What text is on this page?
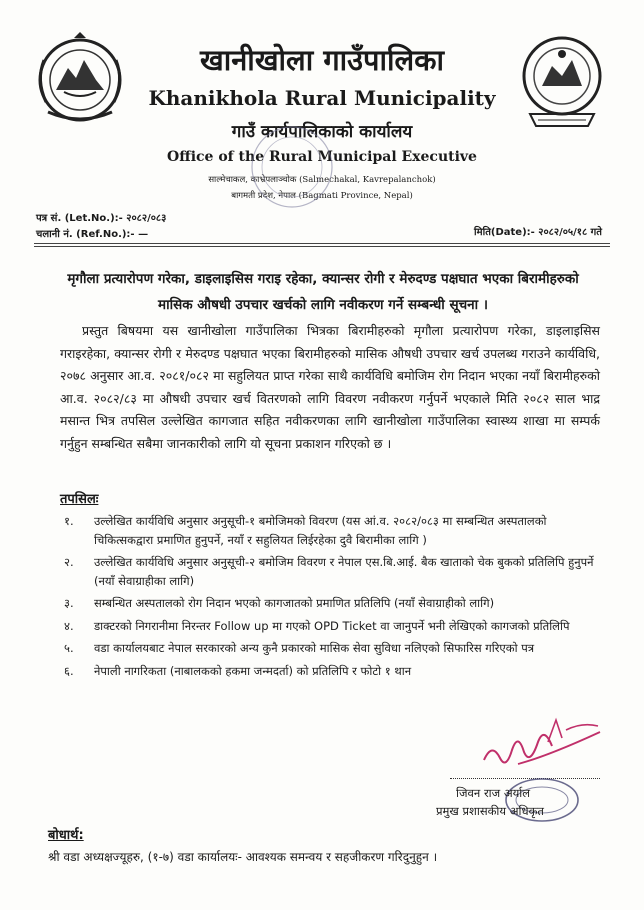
खानीखोला गाउँपालिका
Khanikhola Rural Municipality
गाउँ कार्यपालिकाको कार्यालय
Office of the Rural Municipal Executive
साल्मेचाकल, काभ्रेपलाञ्चोक (Salmechakal, Kavrepalanchok)
बागमती प्रदेश, नेपाल (Bagmati Province, Nepal)
पत्र सं. (Let.No.):- २०८२/०८३
चलानी नं. (Ref.No.):- —	मिति(Date):- २०८२/०५/१८ गते
मृगौला प्रत्यारोपण गरेका, डाइलाइसिस गराइ रहेका, क्यान्सर रोगी र मेरुदण्ड पक्षघात भएका बिरामीहरुको मासिक औषधी उपचार खर्चको लागि नवीकरण गर्ने सम्बन्धी सूचना ।
प्रस्तुत बिषयमा यस खानीखोला गाउँपालिका भित्रका बिरामीहरुको मृगौला प्रत्यारोपण गरेका, डाइलाइसिस गराइरहेका, क्यान्सर रोगी र मेरुदण्ड पक्षघात भएका बिरामीहरुको मासिक औषधी उपचार खर्च उपलब्ध गराउने कार्यविधि, २०७८ अनुसार आ.व. २०८१/०८२ मा सहुलियत प्राप्त गरेका साथै कार्यविधि बमोजिम रोग निदान भएका नयाँ बिरामीहरुको आ.व. २०८२/८३ मा औषधी उपचार खर्च वितरणको लागि विवरण नवीकरण गर्नुपर्ने भएकाले मिति २०८२ साल भाद्र मसान्त भित्र तपसिल उल्लेखित कागजात सहित नवीकरणका लागि खानीखोला गाउँपालिका स्वास्थ्य शाखा मा सम्पर्क गर्नुहुन सम्बन्धित सबैमा जानकारीको लागि यो सूचना प्रकाशन गरिएको छ ।
तपसिलः
१.	उल्लेखित कार्यविधि अनुसार अनुसूची-१ बमोजिमको विवरण (यस आं.व. २०८२/०८३ मा सम्बन्धित अस्पतालको चिकित्सकद्वारा प्रमाणित हुनुपर्ने, नयाँ र सहुलियत लिईरहेका दुवै बिरामीका लागि )
२.	उल्लेखित कार्यविधि अनुसार अनुसूची-२ बमोजिम विवरण र नेपाल एस.बि.आई. बैक खाताको चेक बुकको प्रतिलिपि हुनुपर्ने (नयाँ सेवाग्राहीका लागि)
३.	सम्बन्धित अस्पतालको रोग निदान भएको कागजातको प्रमाणित प्रतिलिपि (नयाँ सेवाग्राहीको लागि)
४.	डाक्टरको निगरानीमा निरन्तर Follow up मा गएको OPD Ticket वा जानुपर्ने भनी लेखिएको कागजको प्रतिलिपि
५.	वडा कार्यालयबाट नेपाल सरकारको अन्य कुनै प्रकारको मासिक सेवा सुविधा नलिएको सिफारिस गरिएको पत्र
६.	नेपाली नागरिकता (नाबालकको हकमा जन्मदर्ता) को प्रतिलिपि र फोटो १ थान
जिवन राज अर्याल
प्रमुख प्रशासकीय अधिकृत
बोधार्थ:
श्री वडा अध्यक्षज्यूहरु, (१-७) वडा कार्यालयः- आवश्यक समन्वय र सहजीकरण गरिदुनुहुन ।
